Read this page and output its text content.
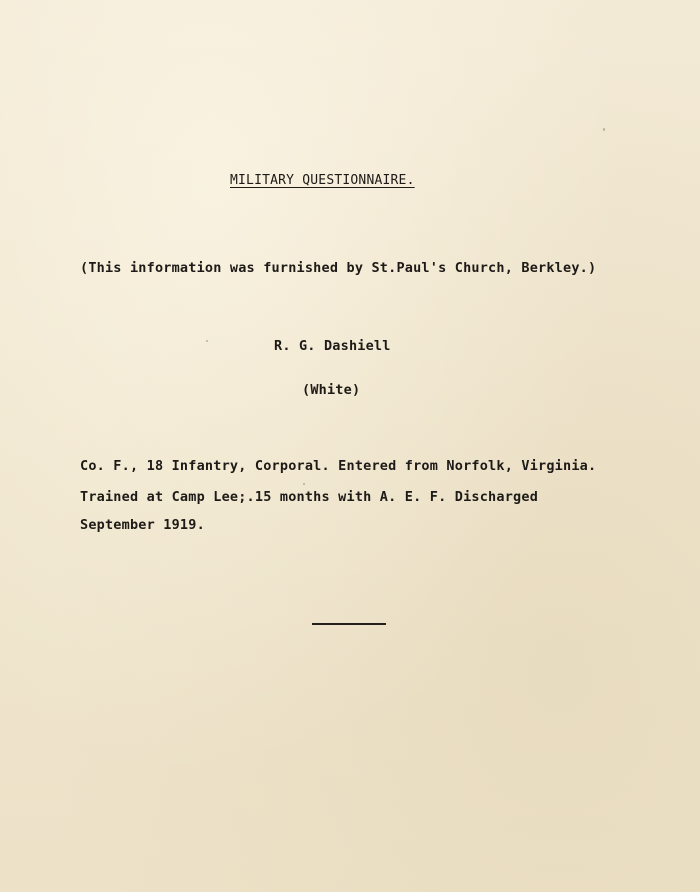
MILITARY QUESTIONNAIRE.
(This information was furnished by St.Paul's Church, Berkley.)
R. G. Dashiell
(White)
Co. F., 18 Infantry, Corporal. Entered from Norfolk, Virginia.
Trained at Camp Lee;.15 months with A. E. F. Discharged
September 1919.
